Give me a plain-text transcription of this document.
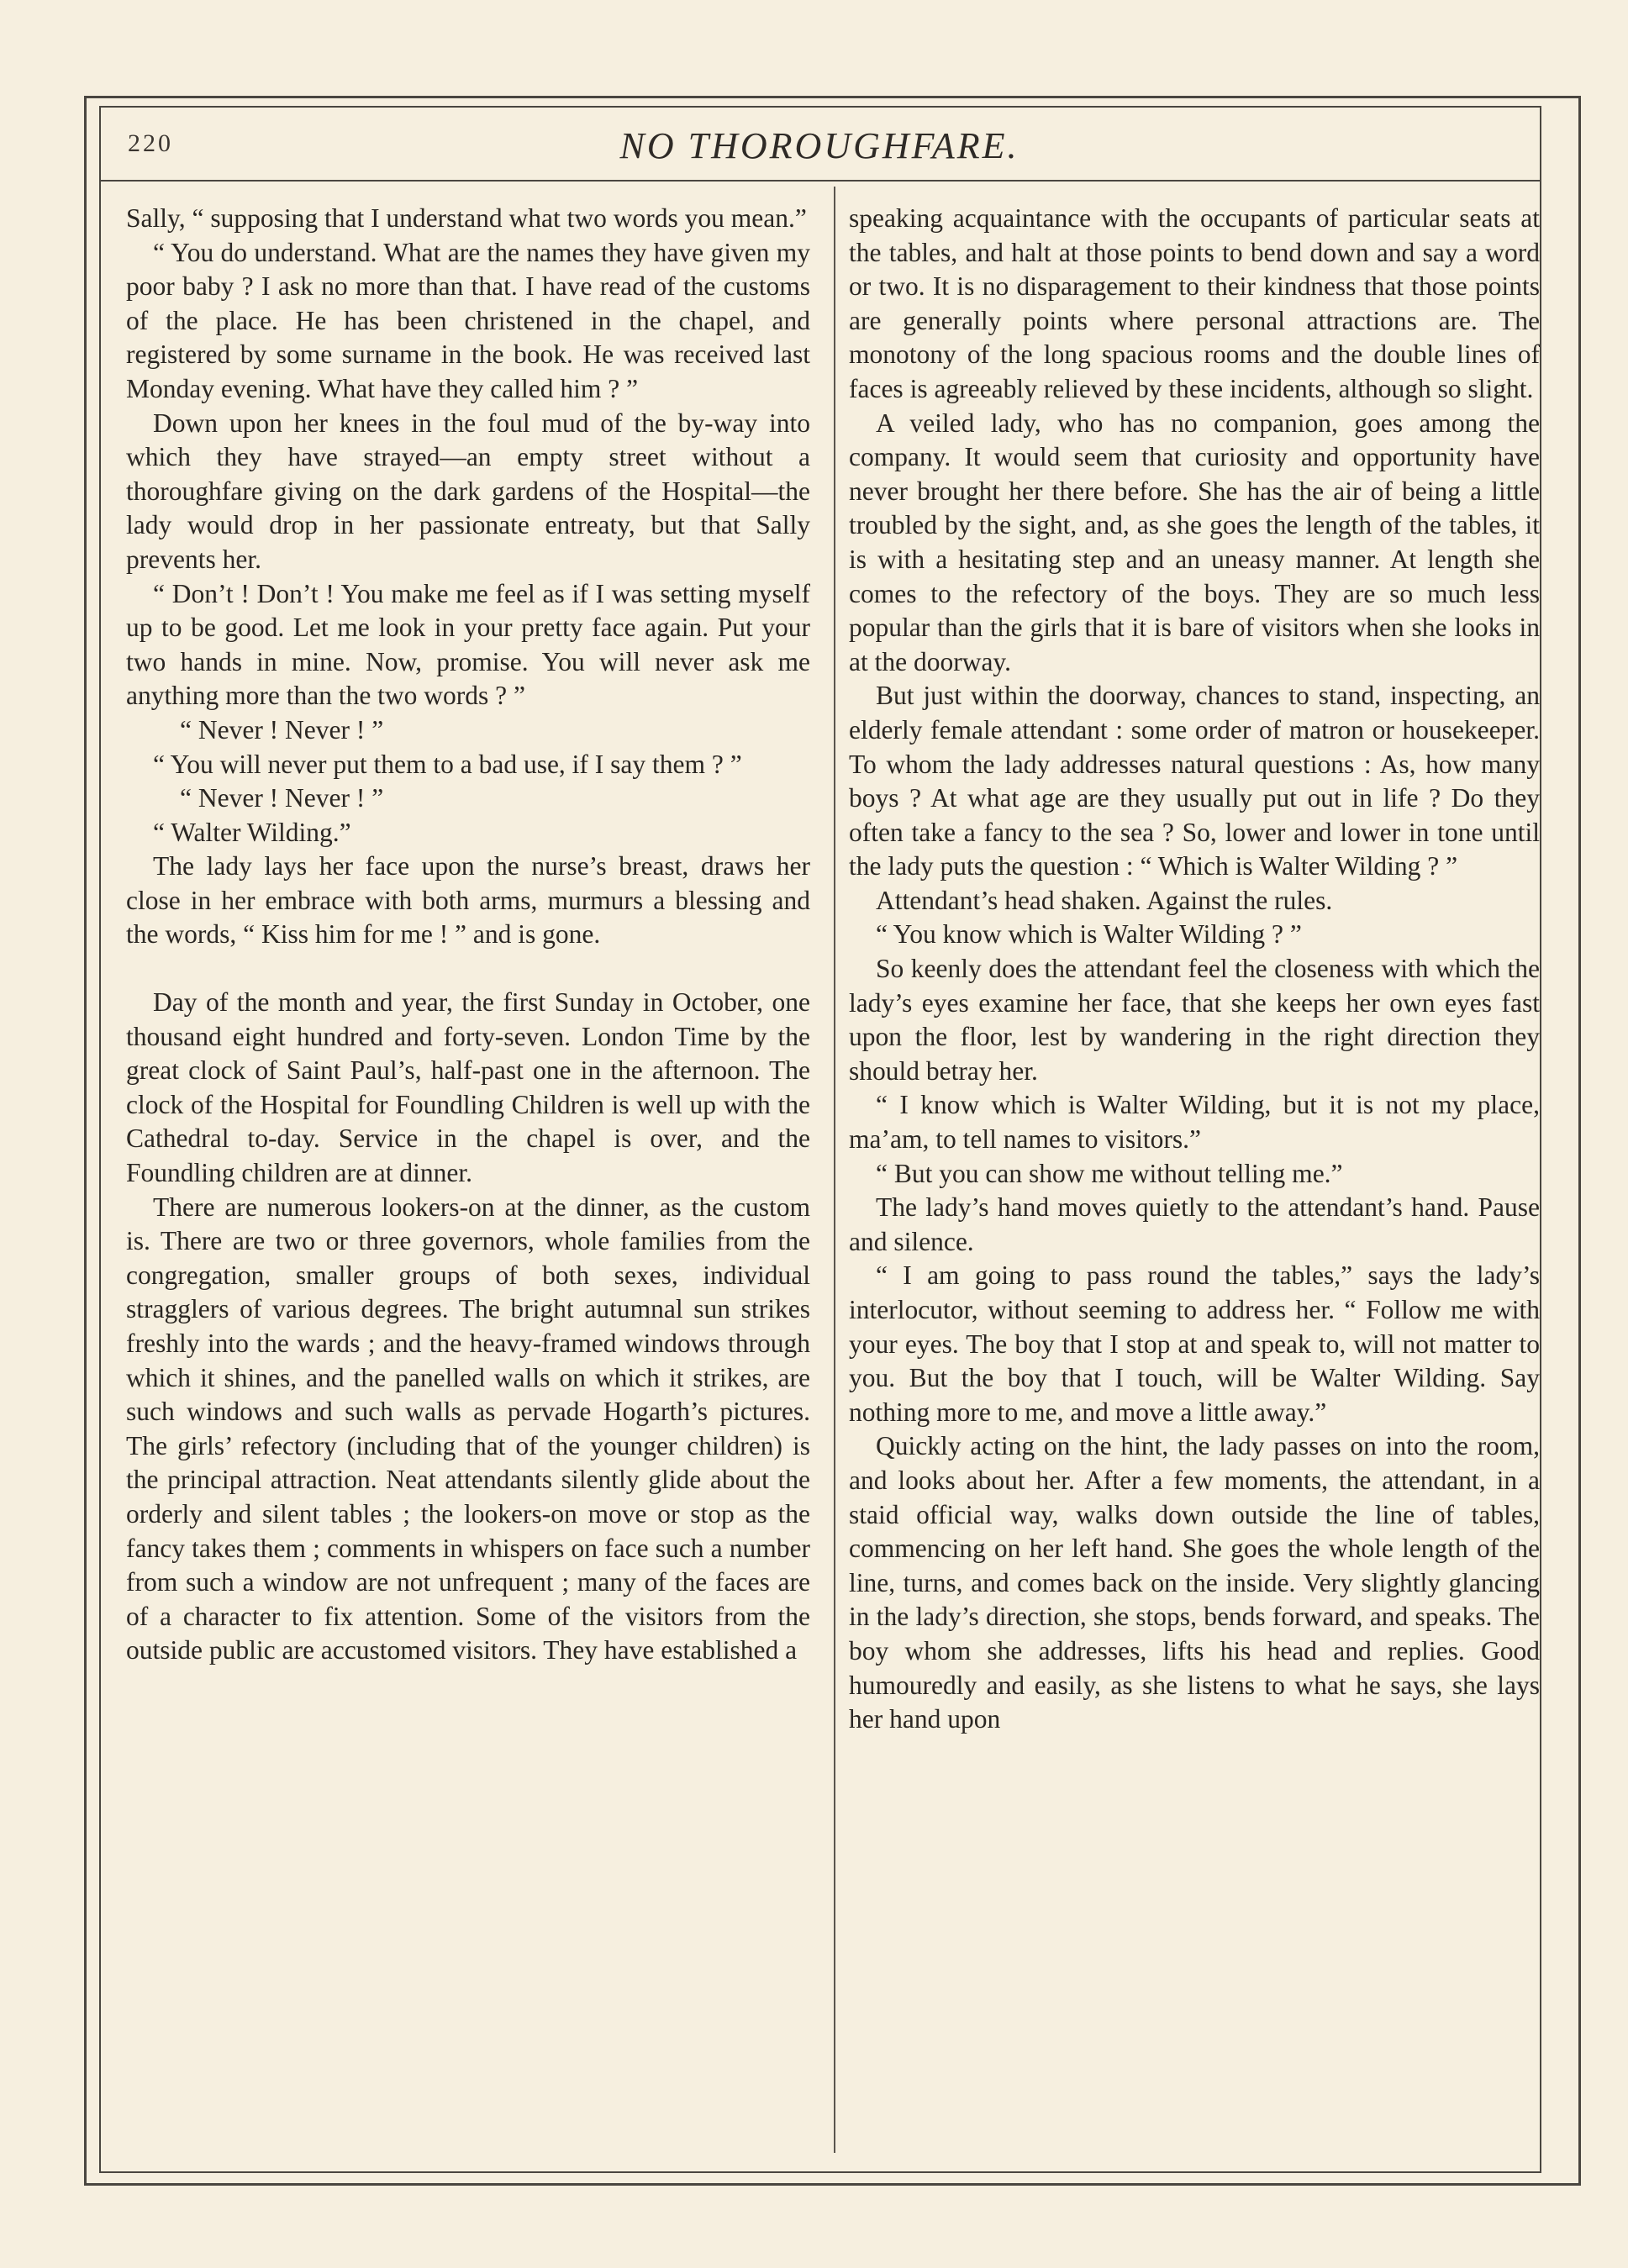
220	NO THOROUGHFARE.

Sally, “ supposing that I understand what two words you mean.”

“ You do understand. What are the names they have given my poor baby ? I ask no more than that. I have read of the customs of the place. He has been christened in the chapel, and registered by some surname in the book. He was received last Monday evening. What have they called him ? ”

Down upon her knees in the foul mud of the by-way into which they have strayed—an empty street without a thoroughfare giving on the dark gardens of the Hospital—the lady would drop in her passionate entreaty, but that Sally prevents her.

“ Don’t ! Don’t ! You make me feel as if I was setting myself up to be good. Let me look in your pretty face again. Put your two hands in mine. Now, promise. You will never ask me anything more than the two words ? ”

“ Never ! Never ! ”

“ You will never put them to a bad use, if I say them ? ”

“ Never ! Never ! ”

“ Walter Wilding.”

The lady lays her face upon the nurse’s breast, draws her close in her embrace with both arms, murmurs a blessing and the words, “ Kiss him for me ! ” and is gone.

Day of the month and year, the first Sunday in October, one thousand eight hundred and forty-seven. London Time by the great clock of Saint Paul’s, half-past one in the afternoon. The clock of the Hospital for Foundling Children is well up with the Cathedral to-day. Service in the chapel is over, and the Foundling children are at dinner.

There are numerous lookers-on at the dinner, as the custom is. There are two or three governors, whole families from the congregation, smaller groups of both sexes, individual stragglers of various degrees. The bright autumnal sun strikes freshly into the wards ; and the heavy-framed windows through which it shines, and the panelled walls on which it strikes, are such windows and such walls as pervade Hogarth’s pictures. The girls’ refectory (including that of the younger children) is the principal attraction. Neat attendants silently glide about the orderly and silent tables ; the lookers-on move or stop as the fancy takes them ; comments in whispers on face such a number from such a window are not unfrequent ; many of the faces are of a character to fix attention. Some of the visitors from the outside public are accustomed visitors. They have established a

speaking acquaintance with the occupants of particular seats at the tables, and halt at those points to bend down and say a word or two. It is no disparagement to their kindness that those points are generally points where personal attractions are. The monotony of the long spacious rooms and the double lines of faces is agreeably relieved by these incidents, although so slight.

A veiled lady, who has no companion, goes among the company. It would seem that curiosity and opportunity have never brought her there before. She has the air of being a little troubled by the sight, and, as she goes the length of the tables, it is with a hesitating step and an uneasy manner. At length she comes to the refectory of the boys. They are so much less popular than the girls that it is bare of visitors when she looks in at the doorway.

But just within the doorway, chances to stand, inspecting, an elderly female attendant : some order of matron or housekeeper. To whom the lady addresses natural questions : As, how many boys ? At what age are they usually put out in life ? Do they often take a fancy to the sea ? So, lower and lower in tone until the lady puts the question : “ Which is Walter Wilding ? ”

Attendant’s head shaken. Against the rules.

“ You know which is Walter Wilding ? ”

So keenly does the attendant feel the closeness with which the lady’s eyes examine her face, that she keeps her own eyes fast upon the floor, lest by wandering in the right direction they should betray her.

“ I know which is Walter Wilding, but it is not my place, ma’am, to tell names to visitors.”

“ But you can show me without telling me.”

The lady’s hand moves quietly to the attendant’s hand. Pause and silence.

“ I am going to pass round the tables,” says the lady’s interlocutor, without seeming to address her. “ Follow me with your eyes. The boy that I stop at and speak to, will not matter to you. But the boy that I touch, will be Walter Wilding. Say nothing more to me, and move a little away.”

Quickly acting on the hint, the lady passes on into the room, and looks about her. After a few moments, the attendant, in a staid official way, walks down outside the line of tables, commencing on her left hand. She goes the whole length of the line, turns, and comes back on the inside. Very slightly glancing in the lady’s direction, she stops, bends forward, and speaks. The boy whom she addresses, lifts his head and replies. Good humouredly and easily, as she listens to what he says, she lays her hand upon
